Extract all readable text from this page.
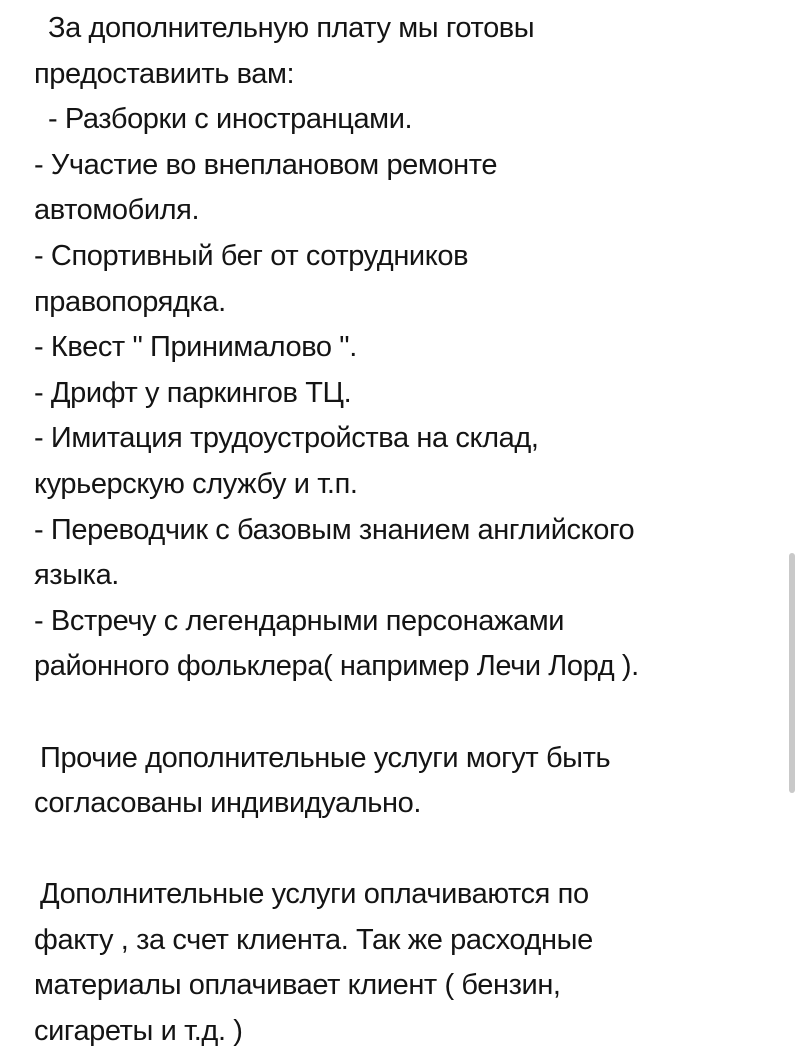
За дополнительную плату мы готовы
предоставиить вам:
- Разборки с иностранцами.
- Участие во внеплановом ремонте
автомобиля.
- Спортивный бег от сотрудников
правопорядка.
- Квест " Принималово ".
- Дрифт у паркингов ТЦ.
- Имитация трудоустройства на склад,
курьерскую службу и т.п.
- Переводчик с базовым знанием английского
языка.
- Встречу с легендарными персонажами
районного фольклера( например Лечи Лорд ).
Прочие дополнительные услуги могут быть
согласованы индивидуально.
Дополнительные услуги оплачиваются по
факту , за счет клиента. Так же расходные
материалы оплачивает клиент ( бензин,
сигареты и т.д. )
